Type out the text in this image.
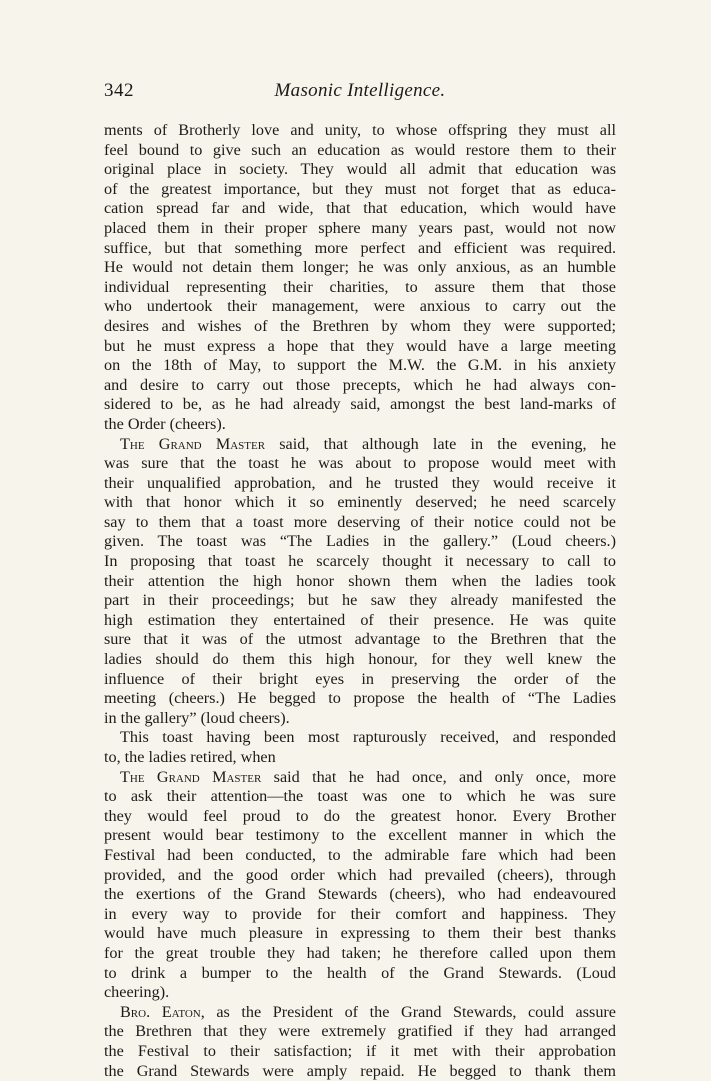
342	Masonic Intelligence.
ments of Brotherly love and unity, to whose offspring they must all
feel bound to give such an education as would restore them to their
original place in society. They would all admit that education was
of the greatest importance, but they must not forget that as educa-
cation spread far and wide, that that education, which would have
placed them in their proper sphere many years past, would not now
suffice, but that something more perfect and efficient was required.
He would not detain them longer; he was only anxious, as an humble
individual representing their charities, to assure them that those
who undertook their management, were anxious to carry out the
desires and wishes of the Brethren by whom they were supported;
but he must express a hope that they would have a large meeting
on the 18th of May, to support the M.W. the G.M. in his anxiety
and desire to carry out those precepts, which he had always con-
sidered to be, as he had already said, amongst the best land-marks of
the Order (cheers).
The Grand Master said, that although late in the evening, he
was sure that the toast he was about to propose would meet with
their unqualified approbation, and he trusted they would receive it
with that honor which it so eminently deserved; he need scarcely
say to them that a toast more deserving of their notice could not be
given. The toast was “The Ladies in the gallery.” (Loud cheers.)
In proposing that toast he scarcely thought it necessary to call to
their attention the high honor shown them when the ladies took
part in their proceedings; but he saw they already manifested the
high estimation they entertained of their presence. He was quite
sure that it was of the utmost advantage to the Brethren that the
ladies should do them this high honour, for they well knew the
influence of their bright eyes in preserving the order of the
meeting (cheers.) He begged to propose the health of “The Ladies
in the gallery” (loud cheers).
This toast having been most rapturously received, and responded
to, the ladies retired, when
The Grand Master said that he had once, and only once, more
to ask their attention—the toast was one to which he was sure
they would feel proud to do the greatest honor. Every Brother
present would bear testimony to the excellent manner in which the
Festival had been conducted, to the admirable fare which had been
provided, and the good order which had prevailed (cheers), through
the exertions of the Grand Stewards (cheers), who had endeavoured
in every way to provide for their comfort and happiness. They
would have much pleasure in expressing to them their best thanks
for the great trouble they had taken; he therefore called upon them
to drink a bumper to the health of the Grand Stewards. (Loud
cheering).
Bro. Eaton, as the President of the Grand Stewards, could assure
the Brethren that they were extremely gratified if they had arranged
the Festival to their satisfaction; if it met with their approbation
the Grand Stewards were amply repaid. He begged to thank them
